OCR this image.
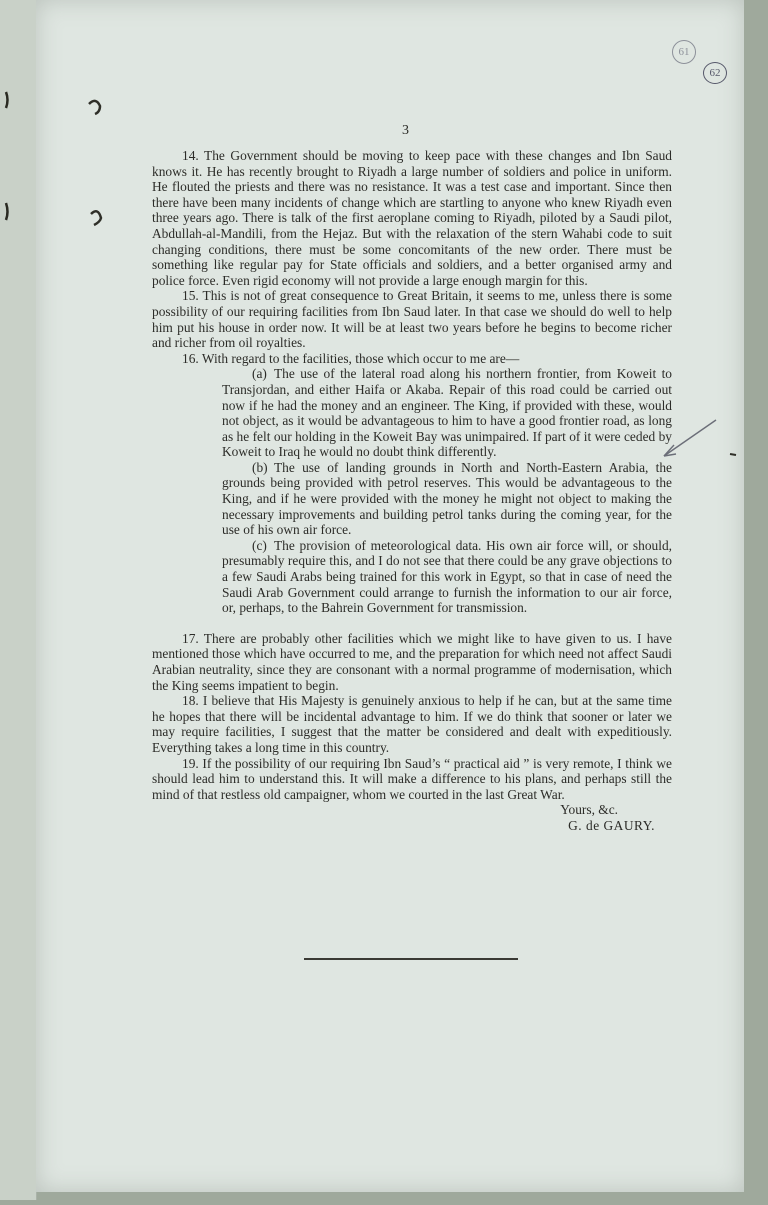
61
62
3

14. The Government should be moving to keep pace with these changes and Ibn Saud knows it. He has recently brought to Riyadh a large number of soldiers and police in uniform. He flouted the priests and there was no resistance. It was a test case and important. Since then there have been many incidents of change which are startling to anyone who knew Riyadh even three years ago. There is talk of the first aeroplane coming to Riyadh, piloted by a Saudi pilot, Abdullah-al-Mandili, from the Hejaz. But with the relaxation of the stern Wahabi code to suit changing conditions, there must be some concomitants of the new order. There must be something like regular pay for State officials and soldiers, and a better organised army and police force. Even rigid economy will not provide a large enough margin for this.

15. This is not of great consequence to Great Britain, it seems to me, unless there is some possibility of our requiring facilities from Ibn Saud later. In that case we should do well to help him put his house in order now. It will be at least two years before he begins to become richer and richer from oil royalties.

16. With regard to the facilities, those which occur to me are—

(a) The use of the lateral road along his northern frontier, from Koweit to Transjordan, and either Haifa or Akaba. Repair of this road could be carried out now if he had the money and an engineer. The King, if provided with these, would not object, as it would be advantageous to him to have a good frontier road, as long as he felt our holding in the Koweit Bay was unimpaired. If part of it were ceded by Koweit to Iraq he would no doubt think differently.

(b) The use of landing grounds in North and North-Eastern Arabia, the grounds being provided with petrol reserves. This would be advantageous to the King, and if he were provided with the money he might not object to making the necessary improvements and building petrol tanks during the coming year, for the use of his own air force.

(c) The provision of meteorological data. His own air force will, or should, presumably require this, and I do not see that there could be any grave objections to a few Saudi Arabs being trained for this work in Egypt, so that in case of need the Saudi Arab Government could arrange to furnish the information to our air force, or, perhaps, to the Bahrein Government for transmission.

17. There are probably other facilities which we might like to have given to us. I have mentioned those which have occurred to me, and the preparation for which need not affect Saudi Arabian neutrality, since they are consonant with a normal programme of modernisation, which the King seems impatient to begin.

18. I believe that His Majesty is genuinely anxious to help if he can, but at the same time he hopes that there will be incidental advantage to him. If we do think that sooner or later we may require facilities, I suggest that the matter be considered and dealt with expeditiously. Everything takes a long time in this country.

19. If the possibility of our requiring Ibn Saud’s “ practical aid ” is very remote, I think we should lead him to understand this. It will make a difference to his plans, and perhaps still the mind of that restless old campaigner, whom we courted in the last Great War.

Yours, &c.

G. de GAURY.
